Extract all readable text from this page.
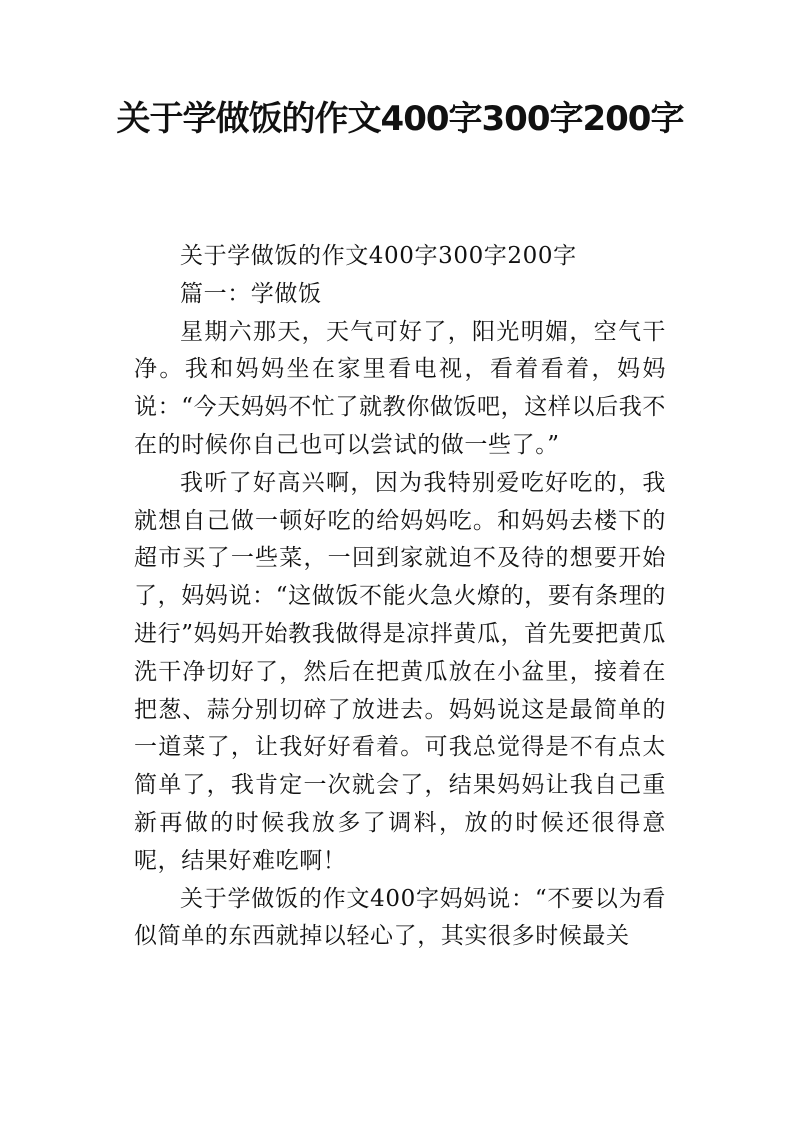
关于学做饭的作文400字300字200字

关于学做饭的作文400字300字200字

篇一：学做饭

星期六那天，天气可好了，阳光明媚，空气干净。我和妈妈坐在家里看电视，看着看着，妈妈说：“今天妈妈不忙了就教你做饭吧，这样以后我不在的时候你自己也可以尝试的做一些了。”

我听了好高兴啊，因为我特别爱吃好吃的，我就想自己做一顿好吃的给妈妈吃。和妈妈去楼下的超市买了一些菜，一回到家就迫不及待的想要开始了，妈妈说：“这做饭不能火急火燎的，要有条理的进行”妈妈开始教我做得是凉拌黄瓜，首先要把黄瓜洗干净切好了，然后在把黄瓜放在小盆里，接着在把葱、蒜分别切碎了放进去。妈妈说这是最简单的一道菜了，让我好好看着。可我总觉得是不有点太简单了，我肯定一次就会了，结果妈妈让我自己重新再做的时候我放多了调料，放的时候还很得意呢，结果好难吃啊！

关于学做饭的作文400字妈妈说：“不要以为看似简单的东西就掉以轻心了，其实很多时候最关
